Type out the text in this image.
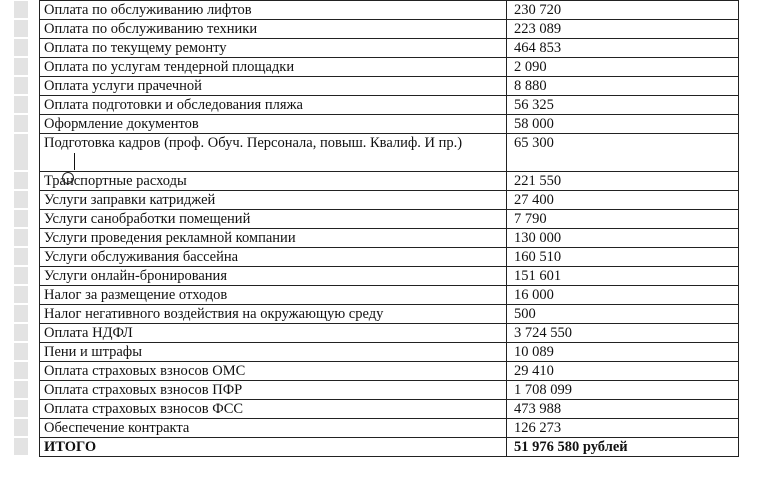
Оплата по обслуживанию лифтов	230 720
Оплата по обслуживанию техники	223 089
Оплата по текущему ремонту	464 853
Оплата по услугам тендерной площадки	2 090
Оплата услуги прачечной	8 880
Оплата подготовки и обследования пляжа	56 325
Оформление документов	58 000
Подготовка кадров (проф. Обуч. Персонала, повыш. Квалиф. И пр.)	65 300
Транспортные расходы	221 550
Услуги заправки катриджей	27 400
Услуги санобработки помещений	7 790
Услуги проведения рекламной компании	130 000
Услуги обслуживания бассейна	160 510
Услуги онлайн-бронирования	151 601
Налог за размещение отходов	16 000
Налог негативного воздействия на окружающую среду	500
Оплата НДФЛ	3 724 550
Пени и штрафы	10 089
Оплата страховых взносов ОМС	29 410
Оплата страховых взносов ПФР	1 708 099
Оплата страховых взносов ФСС	473 988
Обеспечение контракта	126 273
ИТОГО	51 976 580 рублей
